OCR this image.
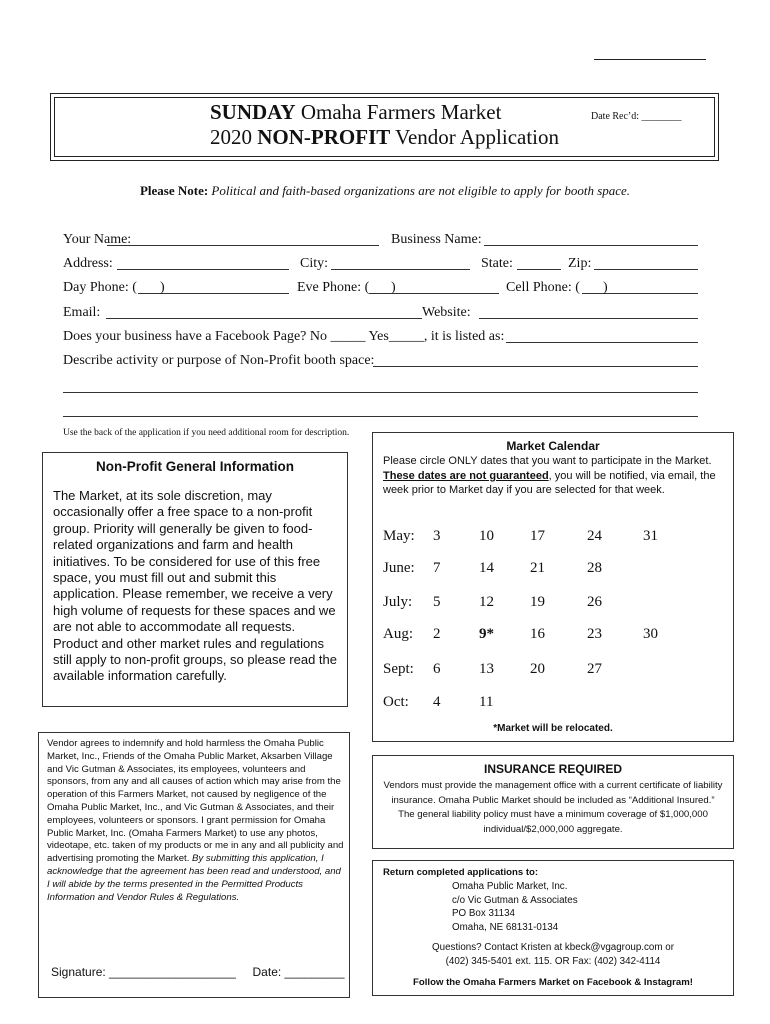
SUNDAY Omaha Farmers Market
2020 NON-PROFIT Vendor Application
Date Rec’d: ________
Please Note: Political and faith-based organizations are not eligible to apply for booth space.
Your Name:	Business Name:
Address:	City:	State:	Zip:
Day Phone: ( )	Eve Phone: ( )	Cell Phone: ( )
Email:	Website:
Does your business have a Facebook Page? No _____ Yes_____, it is listed as:
Describe activity or purpose of Non-Profit booth space:
Use the back of the application if you need additional room for description.
Non-Profit General Information
The Market, at its sole discretion, may occasionally offer a free space to a non-profit group. Priority will generally be given to food-related organizations and farm and health initiatives. To be considered for use of this free space, you must fill out and submit this application. Please remember, we receive a very high volume of requests for these spaces and we are not able to accommodate all requests. Product and other market rules and regulations still apply to non-profit groups, so please read the available information carefully.
Market Calendar
Please circle ONLY dates that you want to participate in the Market. These dates are not guaranteed, you will be notified, via email, the week prior to Market day if you are selected for that week.
May: 3	10 17	24	31
June: 7	14 21	28
July: 5	12 19	26
Aug: 2	9* 16	23	30
Sept: 6	13 20	27
Oct: 4	11
*Market will be relocated.
Vendor agrees to indemnify and hold harmless the Omaha Public Market, Inc., Friends of the Omaha Public Market, Aksarben Village and Vic Gutman & Associates, its employees, volunteers and sponsors, from any and all causes of action which may arise from the operation of this Farmers Market, not caused by negligence of the Omaha Public Market, Inc., and Vic Gutman & Associates, and their employees, volunteers or sponsors. I grant permission for Omaha Public Market, Inc. (Omaha Farmers Market) to use any photos, videotape, etc. taken of my products or me in any and all publicity and advertising promoting the Market. By submitting this application, I acknowledge that the agreement has been read and understood, and I will abide by the terms presented in the Permitted Products Information and Vendor Rules & Regulations.
Signature: ___________________ Date: _________
INSURANCE REQUIRED
Vendors must provide the management office with a current certificate of liability insurance. Omaha Public Market should be included as “Additional Insured.” The general liability policy must have a minimum coverage of $1,000,000 individual/$2,000,000 aggregate.
Return completed applications to:
Omaha Public Market, Inc.
c/o Vic Gutman & Associates
PO Box 31134
Omaha, NE 68131-0134
Questions? Contact Kristen at kbeck@vgagroup.com or
(402) 345-5401 ext. 115. OR Fax: (402) 342-4114
Follow the Omaha Farmers Market on Facebook & Instagram!
